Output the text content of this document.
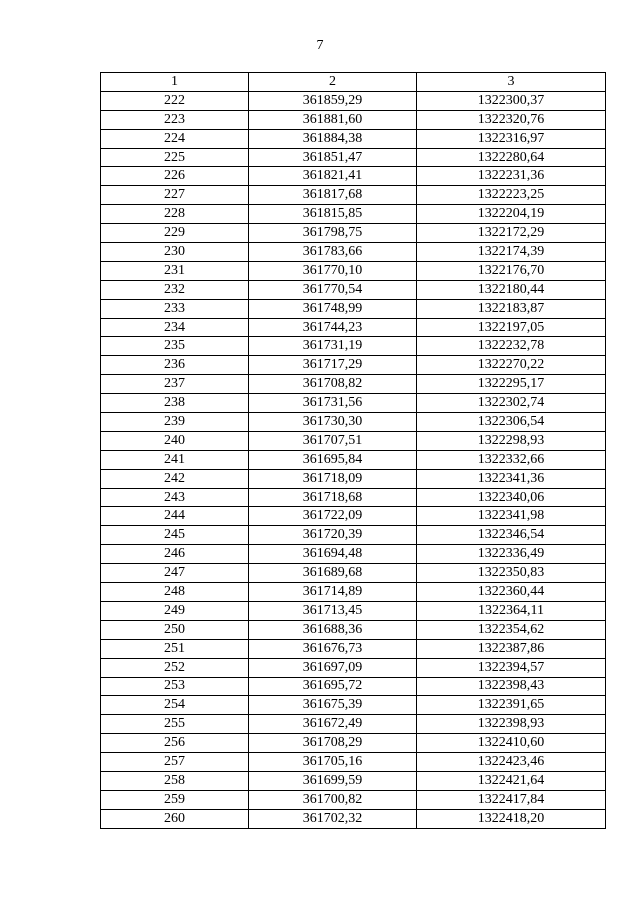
7
1	2	3
222	361859,29	1322300,37
223	361881,60	1322320,76
224	361884,38	1322316,97
225	361851,47	1322280,64
226	361821,41	1322231,36
227	361817,68	1322223,25
228	361815,85	1322204,19
229	361798,75	1322172,29
230	361783,66	1322174,39
231	361770,10	1322176,70
232	361770,54	1322180,44
233	361748,99	1322183,87
234	361744,23	1322197,05
235	361731,19	1322232,78
236	361717,29	1322270,22
237	361708,82	1322295,17
238	361731,56	1322302,74
239	361730,30	1322306,54
240	361707,51	1322298,93
241	361695,84	1322332,66
242	361718,09	1322341,36
243	361718,68	1322340,06
244	361722,09	1322341,98
245	361720,39	1322346,54
246	361694,48	1322336,49
247	361689,68	1322350,83
248	361714,89	1322360,44
249	361713,45	1322364,11
250	361688,36	1322354,62
251	361676,73	1322387,86
252	361697,09	1322394,57
253	361695,72	1322398,43
254	361675,39	1322391,65
255	361672,49	1322398,93
256	361708,29	1322410,60
257	361705,16	1322423,46
258	361699,59	1322421,64
259	361700,82	1322417,84
260	361702,32	1322418,20
